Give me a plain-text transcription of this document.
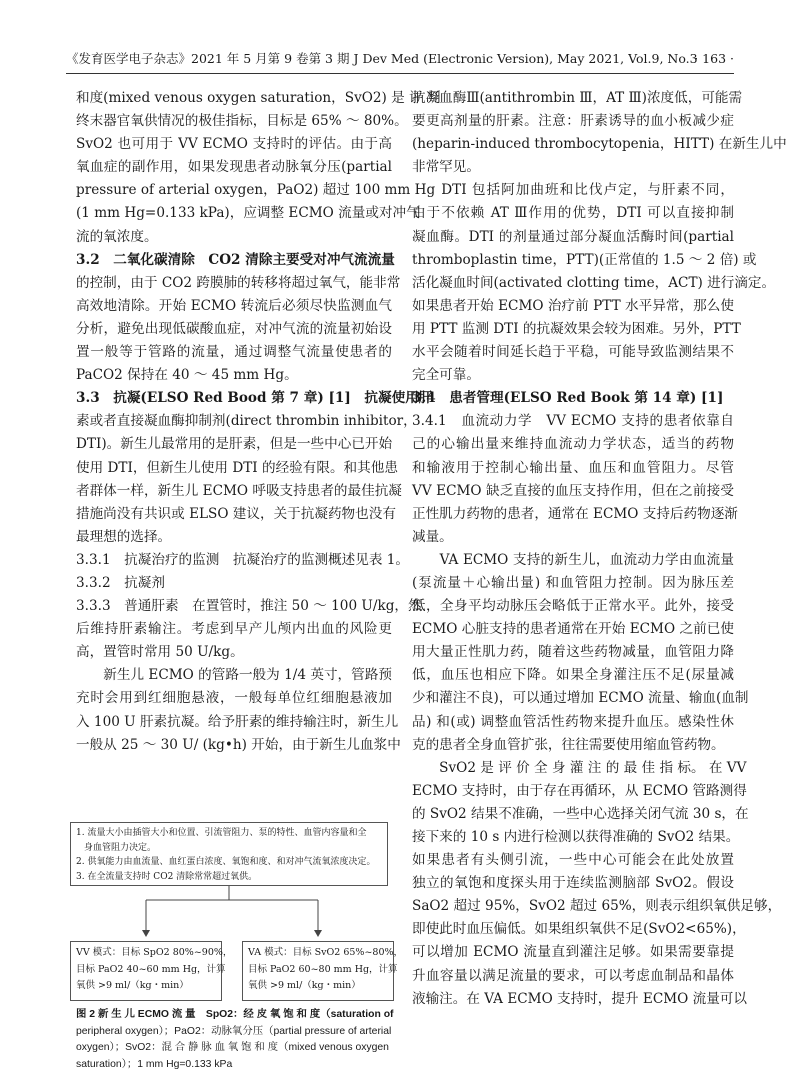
《发育医学电子杂志》2021 年 5 月第 9 卷第 3 期 J Dev Med (Electronic Version), May 2021, Vol.9, No.3
· 163 ·
和度(mixed venous oxygen saturation，SvO2) 是 评 判
终末器官氧供情况的极佳指标，目标是 65% ～ 80%。
SvO2 也可用于 VV ECMO 支持时的评估。由于高
氧血症的副作用，如果发现患者动脉氧分压(partial
pressure of arterial oxygen，PaO2) 超过 100 mm Hg
(1 mm Hg=0.133 kPa)，应调整 ECMO 流量或对冲气
流的氧浓度。
3.2　二氧化碳清除　CO2 清除主要受对冲气流流量
的控制，由于 CO2 跨膜肺的转移将超过氧气，能非常
高效地清除。开始 ECMO 转流后必须尽快监测血气
分析，避免出现低碳酸血症，对冲气流的流量初始设
置一般等于管路的流量，通过调整气流量使患者的
PaCO2 保持在 40 ～ 45 mm Hg。
3.3　抗凝(ELSO Red Bood 第 7 章) [1]　抗凝使用肝
素或者直接凝血酶抑制剂(direct thrombin inhibitor，
DTI)。新生儿最常用的是肝素，但是一些中心已开始
使用 DTI，但新生儿使用 DTI 的经验有限。和其他患
者群体一样，新生儿 ECMO 呼吸支持患者的最佳抗凝
措施尚没有共识或 ELSO 建议，关于抗凝药物也没有
最理想的选择。
3.3.1　抗凝治疗的监测　抗凝治疗的监测概述见表 1。
3.3.2　抗凝剂
3.3.3　普通肝素　在置管时，推注 50 ～ 100 U/kg，然
后维持肝素输注。考虑到早产儿颅内出血的风险更
高，置管时常用 50 U/kg。
　　新生儿 ECMO 的管路一般为 1/4 英寸，管路预
充时会用到红细胞悬液，一般每单位红细胞悬液加
入 100 U 肝素抗凝。给予肝素的维持输注时，新生儿
一般从 25 ～ 30 U/ (kg•h) 开始，由于新生儿血浆中
抗凝血酶Ⅲ(antithrombin Ⅲ，AT Ⅲ)浓度低，可能需
要更高剂量的肝素。注意：肝素诱导的血小板减少症
(heparin-induced thrombocytopenia，HITT) 在新生儿中
非常罕见。
　　DTI 包括阿加曲班和比伐卢定，与肝素不同，
由于不依赖 AT Ⅲ作用的优势，DTI 可以直接抑制
凝血酶。DTI 的剂量通过部分凝血活酶时间(partial
thromboplastin time，PTT)(正常值的 1.5 ～ 2 倍) 或
活化凝血时间(activated clotting time，ACT) 进行滴定。
如果患者开始 ECMO 治疗前 PTT 水平异常，那么使
用 PTT 监测 DTI 的抗凝效果会较为困难。另外，PTT
水平会随着时间延长趋于平稳，可能导致监测结果不
完全可靠。
3.4　患者管理(ELSO Red Book 第 14 章) [1]
3.4.1　血流动力学　VV ECMO 支持的患者依靠自
己的心输出量来维持血流动力学状态，适当的药物
和输液用于控制心输出量、血压和血管阻力。尽管
VV ECMO 缺乏直接的血压支持作用，但在之前接受
正性肌力药物的患者，通常在 ECMO 支持后药物逐渐
减量。
　　VA ECMO 支持的新生儿，血流动力学由血流量
(泵流量＋心输出量) 和血管阻力控制。因为脉压差
低，全身平均动脉压会略低于正常水平。此外，接受
ECMO 心脏支持的患者通常在开始 ECMO 之前已使
用大量正性肌力药，随着这些药物减量，血管阻力降
低，血压也相应下降。如果全身灌注压不足(尿量减
少和灌注不良)，可以通过增加 ECMO 流量、输血(血制
品) 和(或) 调整血管活性药物来提升血压。感染性休
克的患者全身血管扩张，往往需要使用缩血管药物。
　　SvO2 是 评 价 全 身 灌 注 的 最 佳 指 标。 在 VV
ECMO 支持时，由于存在再循环，从 ECMO 管路测得
的 SvO2 结果不准确，一些中心选择关闭气流 30 s，在
接下来的 10 s 内进行检测以获得准确的 SvO2 结果。
如果患者有头侧引流，一些中心可能会在此处放置
独立的氧饱和度探头用于连续监测脑部 SvO2。假设
SaO2 超过 95%，SvO2 超过 65%，则表示组织氧供足够，
即使此时血压偏低。如果组织氧供不足(SvO2<65%)，
可以增加 ECMO 流量直到灌注足够。如果需要靠提
升血容量以满足流量的要求，可以考虑血制品和晶体
液输注。在 VA ECMO 支持时，提升 ECMO 流量可以
1. 流量大小由插管大小和位置、引流管阻力、泵的特性、血管内容量和全
身血管阻力决定。
2. 供氧能力由血流量、血红蛋白浓度、氧饱和度、和对冲气流氧浓度决定。
3. 在全流量支持时 CO2 清除常常超过氧供。
VV 模式：目标 SpO2 80%~90%，
目标 PaO2 40~60 mm Hg，计算
氧供 >9 ml/（kg・min）
VA 模式：目标 SvO2 65%~80%，
目标 PaO2 60~80 mm Hg，计算
氧供 >9 ml/（kg・min）
图 2 新 生 儿 ECMO 流 量　SpO2：经 皮 氧 饱 和 度（saturation of
peripheral oxygen）；PaO2：动脉氧分压（partial pressure of arterial
oxygen）；SvO2：混 合 静 脉 血 氧 饱 和 度（mixed venous oxygen
saturation）；1 mm Hg=0.133 kPa
